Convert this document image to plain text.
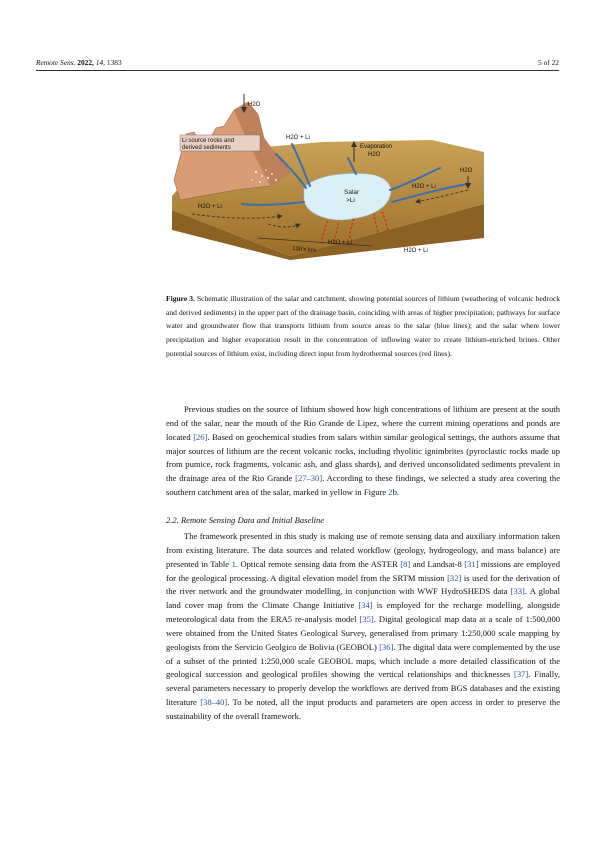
Remote Sens. 2022, 14, 1383	5 of 22
H2O
Li source rocks and
derived sediments
H2O + Li
Evaporation
H2O
H2O
Salar
>Li
H2O + Li
H2O + Li
H2O + Li
H2O + Li
100's km
Figure 3. Schematic illustration of the salar and catchment, showing potential sources of lithium (weathering of volcanic bedrock and derived sediments) in the upper part of the drainage basin, coinciding with areas of higher precipitation; pathways for surface water and groundwater flow that transports lithium from source areas to the salar (blue lines); and the salar where lower precipitation and higher evaporation result in the concentration of inflowing water to create lithium-enriched brines. Other potential sources of lithium exist, including direct input from hydrothermal sources (red lines).

Previous studies on the source of lithium showed how high concentrations of lithium are present at the south end of the salar, near the mouth of the Rio Grande de Lipez, where the current mining operations and ponds are located [26]. Based on geochemical studies from salars within similar geological settings, the authors assume that major sources of lithium are the recent volcanic rocks, including rhyolitic ignimbrites (pyroclastic rocks made up from pumice, rock fragments, volcanic ash, and glass shards), and derived unconsolidated sediments prevalent in the drainage area of the Rio Grande [27–30]. According to these findings, we selected a study area covering the southern catchment area of the salar, marked in yellow in Figure 2b.

2.2. Remote Sensing Data and Initial Baseline

The framework presented in this study is making use of remote sensing data and auxiliary information taken from existing literature. The data sources and related workflow (geology, hydrogeology, and mass balance) are presented in Table 1. Optical remote sensing data from the ASTER [8] and Landsat-8 [31] missions are employed for the geological processing. A digital elevation model from the SRTM mission [32] is used for the derivation of the river network and the groundwater modelling, in conjunction with WWF HydroSHEDS data [33]. A global land cover map from the Climate Change Initiative [34] is employed for the recharge modelling, alongside meteorological data from the ERA5 re-analysis model [35]. Digital geological map data at a scale of 1:500,000 were obtained from the United States Geological Survey, generalised from primary 1:250,000 scale mapping by geologists from the Servicio Geolgico de Bolivia (GEOBOL) [36]. The digital data were complemented by the use of a subset of the printed 1:250,000 scale GEOBOL maps, which include a more detailed classification of the geological succession and geological profiles showing the vertical relationships and thicknesses [37]. Finally, several parameters necessary to properly develop the workflows are derived from BGS databases and the existing literature [38–40]. To be noted, all the input products and parameters are open access in order to preserve the sustainability of the overall framework.
